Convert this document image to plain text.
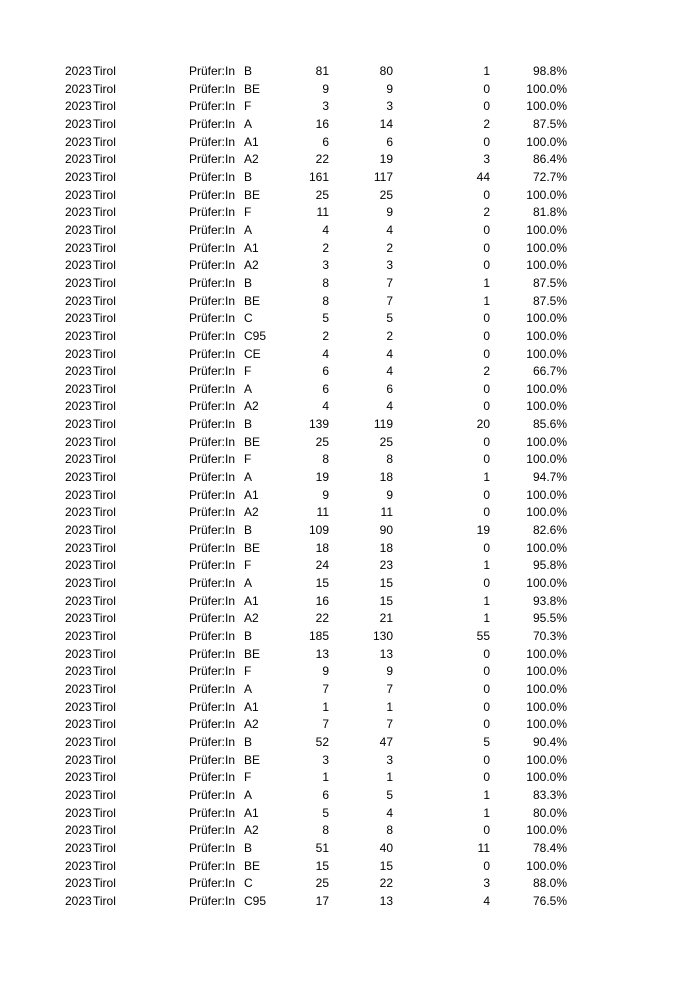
2023 Tirol	Prüfer:In B	81	80	1	98.8%
2023 Tirol	Prüfer:In BE	9	9	0	100.0%
2023 Tirol	Prüfer:In F	3	3	0	100.0%
2023 Tirol	Prüfer:In A	16	14	2	87.5%
2023 Tirol	Prüfer:In A1	6	6	0	100.0%
2023 Tirol	Prüfer:In A2	22	19	3	86.4%
2023 Tirol	Prüfer:In B	161	117	44	72.7%
2023 Tirol	Prüfer:In BE	25	25	0	100.0%
2023 Tirol	Prüfer:In F	11	9	2	81.8%
2023 Tirol	Prüfer:In A	4	4	0	100.0%
2023 Tirol	Prüfer:In A1	2	2	0	100.0%
2023 Tirol	Prüfer:In A2	3	3	0	100.0%
2023 Tirol	Prüfer:In B	8	7	1	87.5%
2023 Tirol	Prüfer:In BE	8	7	1	87.5%
2023 Tirol	Prüfer:In C	5	5	0	100.0%
2023 Tirol	Prüfer:In C95	2	2	0	100.0%
2023 Tirol	Prüfer:In CE	4	4	0	100.0%
2023 Tirol	Prüfer:In F	6	4	2	66.7%
2023 Tirol	Prüfer:In A	6	6	0	100.0%
2023 Tirol	Prüfer:In A2	4	4	0	100.0%
2023 Tirol	Prüfer:In B	139	119	20	85.6%
2023 Tirol	Prüfer:In BE	25	25	0	100.0%
2023 Tirol	Prüfer:In F	8	8	0	100.0%
2023 Tirol	Prüfer:In A	19	18	1	94.7%
2023 Tirol	Prüfer:In A1	9	9	0	100.0%
2023 Tirol	Prüfer:In A2	11	11	0	100.0%
2023 Tirol	Prüfer:In B	109	90	19	82.6%
2023 Tirol	Prüfer:In BE	18	18	0	100.0%
2023 Tirol	Prüfer:In F	24	23	1	95.8%
2023 Tirol	Prüfer:In A	15	15	0	100.0%
2023 Tirol	Prüfer:In A1	16	15	1	93.8%
2023 Tirol	Prüfer:In A2	22	21	1	95.5%
2023 Tirol	Prüfer:In B	185	130	55	70.3%
2023 Tirol	Prüfer:In BE	13	13	0	100.0%
2023 Tirol	Prüfer:In F	9	9	0	100.0%
2023 Tirol	Prüfer:In A	7	7	0	100.0%
2023 Tirol	Prüfer:In A1	1	1	0	100.0%
2023 Tirol	Prüfer:In A2	7	7	0	100.0%
2023 Tirol	Prüfer:In B	52	47	5	90.4%
2023 Tirol	Prüfer:In BE	3	3	0	100.0%
2023 Tirol	Prüfer:In F	1	1	0	100.0%
2023 Tirol	Prüfer:In A	6	5	1	83.3%
2023 Tirol	Prüfer:In A1	5	4	1	80.0%
2023 Tirol	Prüfer:In A2	8	8	0	100.0%
2023 Tirol	Prüfer:In B	51	40	11	78.4%
2023 Tirol	Prüfer:In BE	15	15	0	100.0%
2023 Tirol	Prüfer:In C	25	22	3	88.0%
2023 Tirol	Prüfer:In C95	17	13	4	76.5%
